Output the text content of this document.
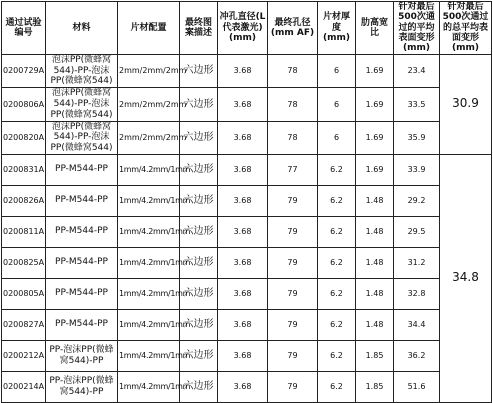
通过试验编号	材料	片材配置	最终图案描述	冲孔直径(L代表激光)(mm)	最终孔径(mm AF)	片材厚度(mm)	肋高宽比	针对最后500次通过的平均表面变形(mm)	针对最后500次通过的总平均表面变形(mm)
0200729A	泡沫PP(微蜂窝544)-PP-泡沫PP(微蜂窝544)	2mm/2mm/2mm	六边形	3.68	78	6	1.69	23.4	30.9
0200806A	泡沫PP(微蜂窝544)-PP-泡沫PP(微蜂窝544)	2mm/2mm/2mm	六边形	3.68	78	6	1.69	33.5	
0200820A	泡沫PP(微蜂窝544)-PP-泡沫PP(微蜂窝544)	2mm/2mm/2mm	六边形	3.68	78	6	1.69	35.9	
0200831A	PP-M544-PP	1mm/4.2mm/1mm	六边形	3.68	77	6.2	1.69	33.9	34.8
0200826A	PP-M544-PP	1mm/4.2mm/1mm	六边形	3.68	79	6.2	1.48	29.2	
0200811A	PP-M544-PP	1mm/4.2mm/1mm	六边形	3.68	79	6.2	1.48	29.5	
0200825A	PP-M544-PP	1mm/4.2mm/1mm	六边形	3.68	79	6.2	1.48	31.2	
0200805A	PP-M544-PP	1mm/4.2mm/1mm	六边形	3.68	79	6.2	1.48	32.8	
0200827A	PP-M544-PP	1mm/4.2mm/1mm	六边形	3.68	79	6.2	1.48	34.4	
0200212A	PP-泡沫PP(微蜂窝544)-PP	1mm/4.2mm/1mm	六边形	3.68	79	6.2	1.85	36.2	
0200214A	PP-泡沫PP(微蜂窝544)-PP	1mm/4.2mm/1mm	六边形	3.68	79	6.2	1.85	51.6	
